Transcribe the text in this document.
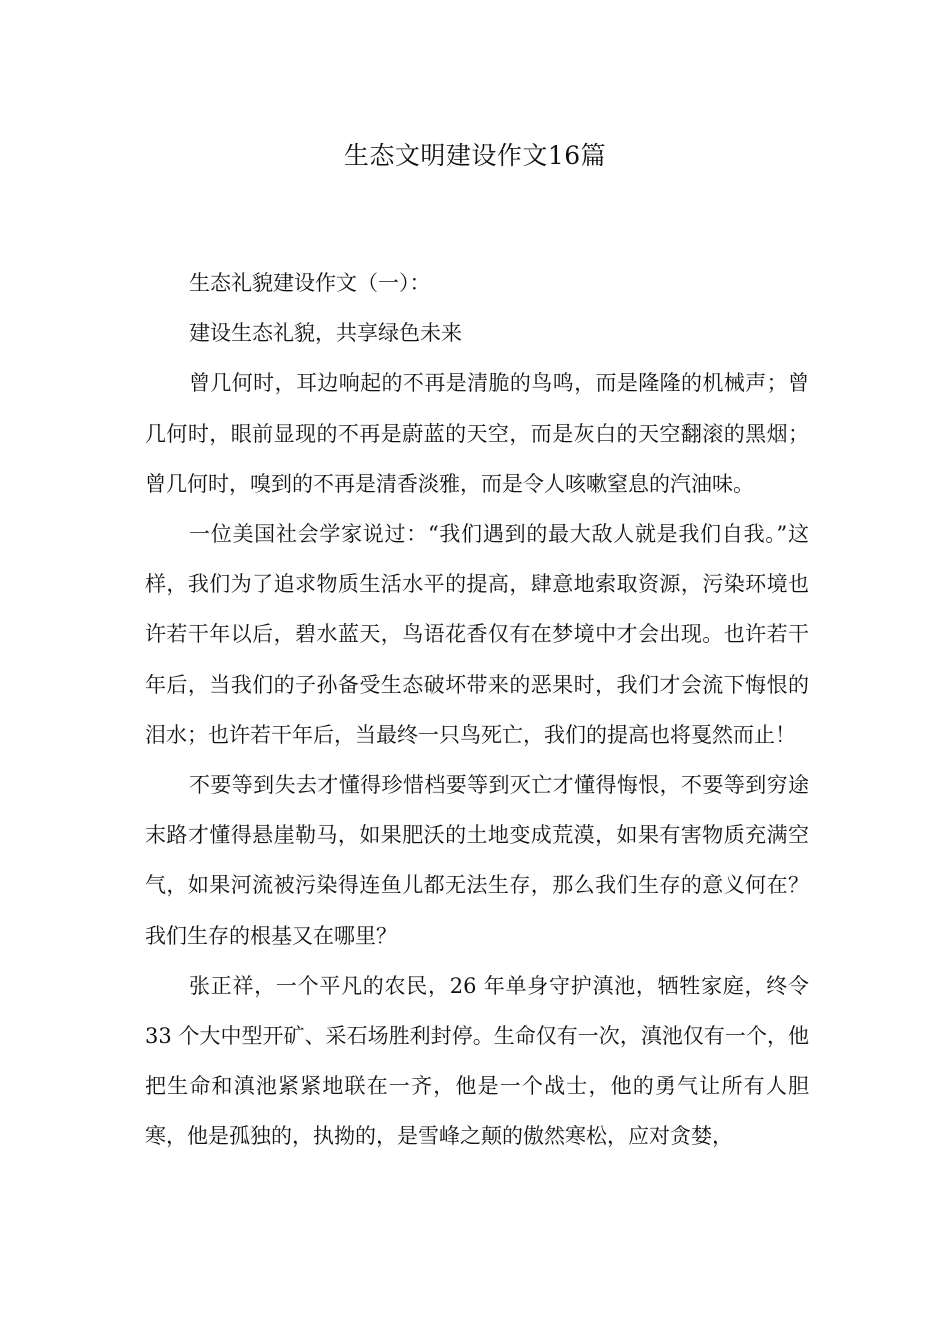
生态文明建设作文16篇

生态礼貌建设作文（一）：

建设生态礼貌，共享绿色未来

曾几何时，耳边响起的不再是清脆的鸟鸣，而是隆隆的机械声；曾几何时，眼前显现的不再是蔚蓝的天空，而是灰白的天空翻滚的黑烟；曾几何时，嗅到的不再是清香淡雅，而是令人咳嗽窒息的汽油味。

一位美国社会学家说过：“我们遇到的最大敌人就是我们自我。”这样，我们为了追求物质生活水平的提高，肆意地索取资源，污染环境也许若干年以后，碧水蓝天，鸟语花香仅有在梦境中才会出现。也许若干年后，当我们的子孙备受生态破坏带来的恶果时，我们才会流下悔恨的泪水；也许若干年后，当最终一只鸟死亡，我们的提高也将戛然而止！

不要等到失去才懂得珍惜档要等到灭亡才懂得悔恨，不要等到穷途末路才懂得悬崖勒马，如果肥沃的土地变成荒漠，如果有害物质充满空气，如果河流被污染得连鱼儿都无法生存，那么我们生存的意义何在？我们生存的根基又在哪里？

张正祥，一个平凡的农民，26 年单身守护滇池，牺牲家庭，终令 33 个大中型开矿、采石场胜利封停。生命仅有一次，滇池仅有一个，他把生命和滇池紧紧地联在一齐，他是一个战士，他的勇气让所有人胆寒，他是孤独的，执拗的，是雪峰之颠的傲然寒松，应对贪婪，
